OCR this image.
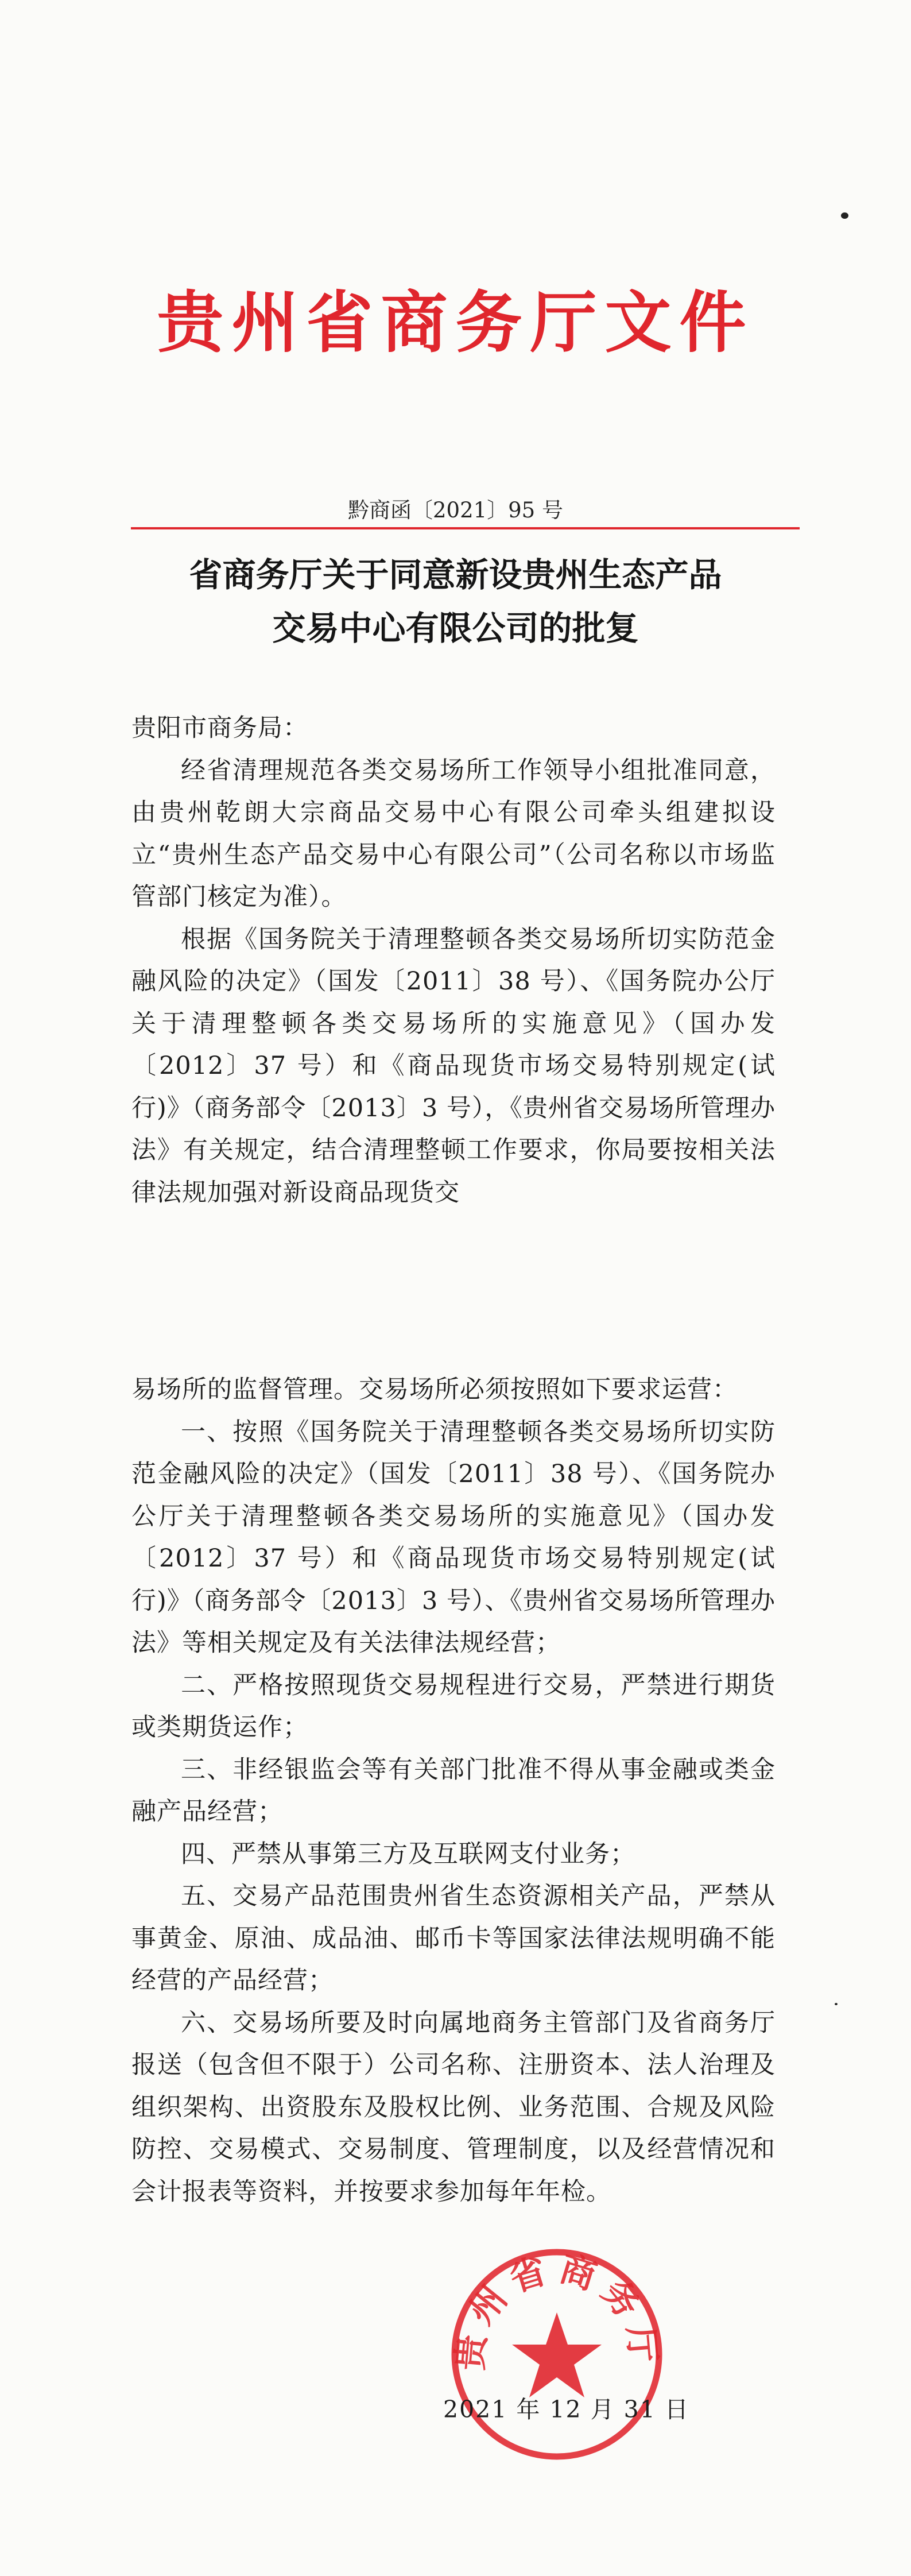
贵州省商务厅文件
黔商函〔2021〕95 号
省商务厅关于同意新设贵州生态产品
交易中心有限公司的批复

贵阳市商务局：

经省清理规范各类交易场所工作领导小组批准同意，由贵州乾朗大宗商品交易中心有限公司牵头组建拟设立“贵州生态产品交易中心有限公司”（公司名称以市场监管部门核定为准）。

根据《国务院关于清理整顿各类交易场所切实防范金融风险的决定》（国发〔2011〕38 号）、《国务院办公厅关于清理整顿各类交易场所的实施意见》（国办发〔2012〕37 号）和《商品现货市场交易特别规定(试行)》（商务部令〔2013〕3 号），《贵州省交易场所管理办法》有关规定，结合清理整顿工作要求，你局要按相关法律法规加强对新设商品现货交

易场所的监督管理。交易场所必须按照如下要求运营：

一、按照《国务院关于清理整顿各类交易场所切实防范金融风险的决定》（国发〔2011〕38 号）、《国务院办公厅关于清理整顿各类交易场所的实施意见》（国办发〔2012〕37 号）和《商品现货市场交易特别规定(试行)》（商务部令〔2013〕3 号）、《贵州省交易场所管理办法》等相关规定及有关法律法规经营；

二、严格按照现货交易规程进行交易，严禁进行期货或类期货运作；

三、非经银监会等有关部门批准不得从事金融或类金融产品经营；

四、严禁从事第三方及互联网支付业务；

五、交易产品范围贵州省生态资源相关产品，严禁从事黄金、原油、成品油、邮币卡等国家法律法规明确不能经营的产品经营；

六、交易场所要及时向属地商务主管部门及省商务厅报送（包含但不限于）公司名称、注册资本、法人治理及组织架构、出资股东及股权比例、业务范围、合规及风险防控、交易模式、交易制度、管理制度，以及经营情况和会计报表等资料，并按要求参加每年年检。

贵州省商务厅
2021 年 12 月 31 日
